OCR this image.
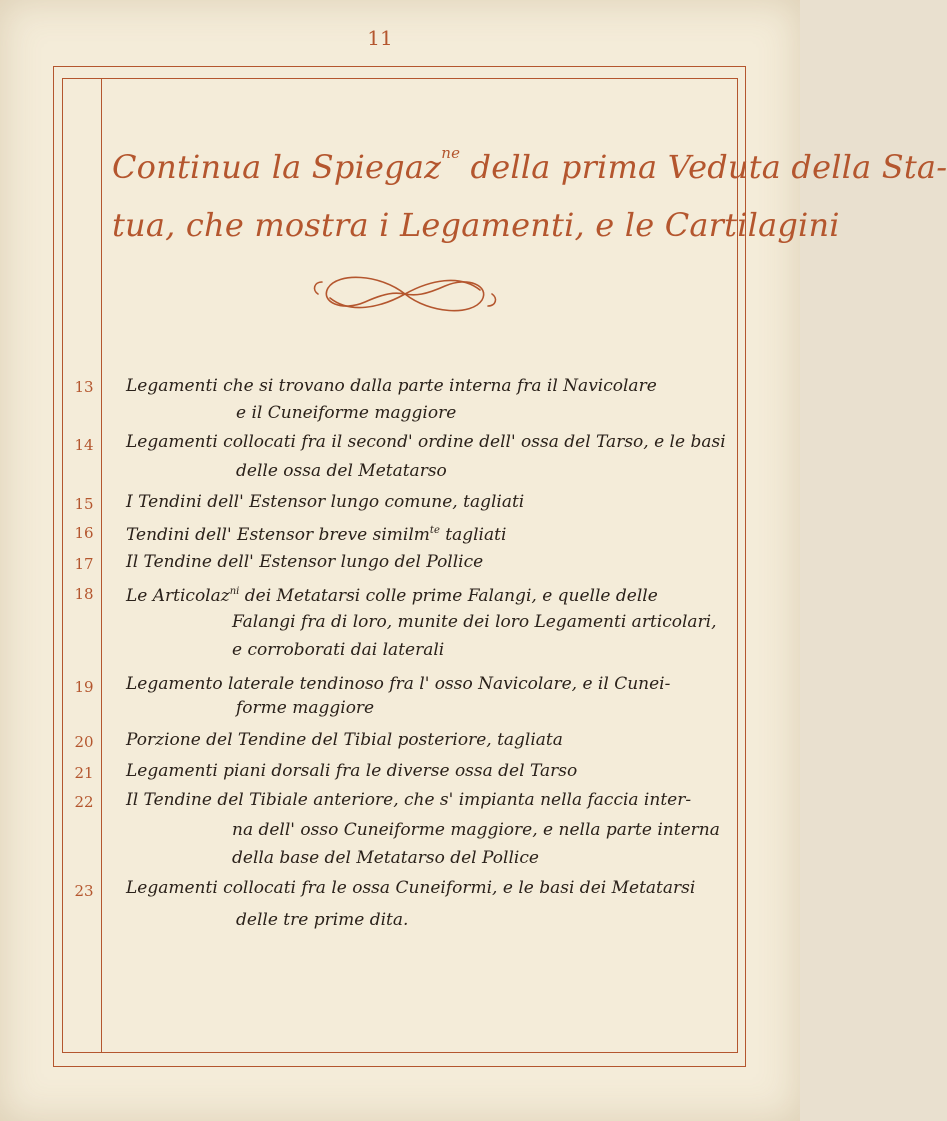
11
Continua la Spiegaz$^{ne}$ della prima Veduta della Sta-
tua, che mostra i Legamenti, e le Cartilagini
13	Legamenti che si trovano dalla parte interna fra il Navicolare
e il Cuneiforme maggiore
14	Legamenti collocati fra il second' ordine dell' ossa del Tarso, e le basi
delle ossa del Metatarso
15	I Tendini dell' Estensor lungo comune, tagliati
16	Tendini dell' Estensor breve similm$^{te}$ tagliati
17	Il Tendine dell' Estensor lungo del Pollice
18	Le Articolaz$^{ni}$ dei Metatarsi colle prime Falangi, e quelle delle
Falangi fra di loro, munite dei loro Legamenti articolari,
e corroborati dai laterali
19	Legamento laterale tendinoso fra l' osso Navicolare, e il Cunei-
forme maggiore
20	Porzione del Tendine del Tibial posteriore, tagliata
21	Legamenti piani dorsali fra le diverse ossa del Tarso
22	Il Tendine del Tibiale anteriore, che s' impianta nella faccia inter-
na dell' osso Cuneiforme maggiore, e nella parte interna
della base del Metatarso del Pollice
23	Legamenti collocati fra le ossa Cuneiformi, e le basi dei Metatarsi
delle tre prime dita.
